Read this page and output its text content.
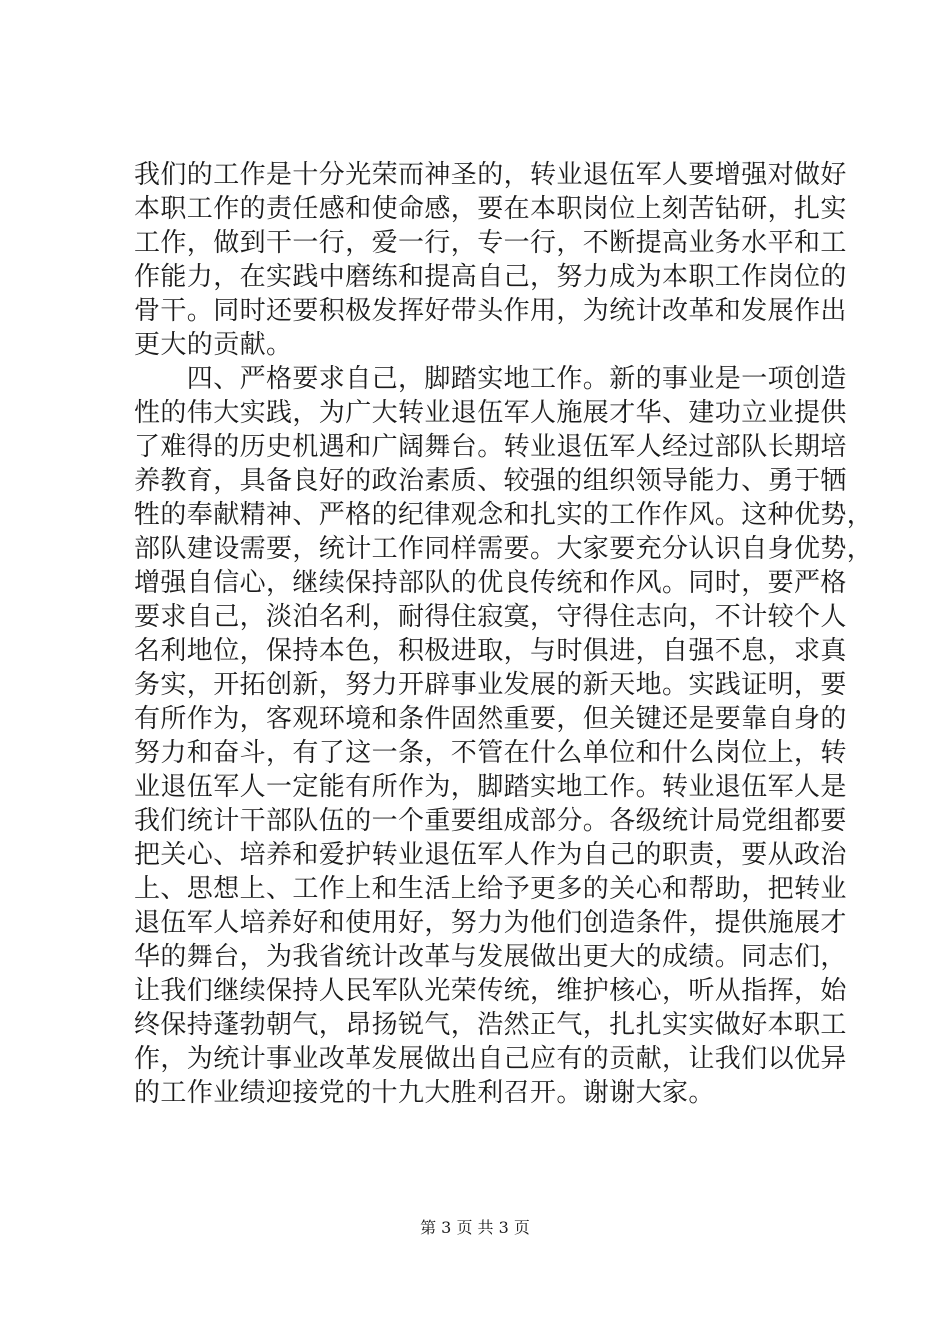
我们的工作是十分光荣而神圣的，转业退伍军人要增强对做好
本职工作的责任感和使命感，要在本职岗位上刻苦钻研，扎实
工作，做到干一行，爱一行，专一行，不断提高业务水平和工
作能力，在实践中磨练和提高自己，努力成为本职工作岗位的
骨干。同时还要积极发挥好带头作用，为统计改革和发展作出
更大的贡献。
　　四、严格要求自己，脚踏实地工作。新的事业是一项创造
性的伟大实践，为广大转业退伍军人施展才华、建功立业提供
了难得的历史机遇和广阔舞台。转业退伍军人经过部队长期培
养教育，具备良好的政治素质、较强的组织领导能力、勇于牺
牲的奉献精神、严格的纪律观念和扎实的工作作风。这种优势，
部队建设需要，统计工作同样需要。大家要充分认识自身优势，
增强自信心，继续保持部队的优良传统和作风。同时，要严格
要求自己，淡泊名利，耐得住寂寞，守得住志向，不计较个人
名利地位，保持本色，积极进取，与时俱进，自强不息，求真
务实，开拓创新，努力开辟事业发展的新天地。实践证明，要
有所作为，客观环境和条件固然重要，但关键还是要靠自身的
努力和奋斗，有了这一条，不管在什么单位和什么岗位上，转
业退伍军人一定能有所作为，脚踏实地工作。转业退伍军人是
我们统计干部队伍的一个重要组成部分。各级统计局党组都要
把关心、培养和爱护转业退伍军人作为自己的职责，要从政治
上、思想上、工作上和生活上给予更多的关心和帮助，把转业
退伍军人培养好和使用好，努力为他们创造条件，提供施展才
华的舞台，为我省统计改革与发展做出更大的成绩。同志们，
让我们继续保持人民军队光荣传统，维护核心，听从指挥，始
终保持蓬勃朝气，昂扬锐气，浩然正气，扎扎实实做好本职工
作，为统计事业改革发展做出自己应有的贡献，让我们以优异
的工作业绩迎接党的十九大胜利召开。谢谢大家。
第 3 页 共 3 页
